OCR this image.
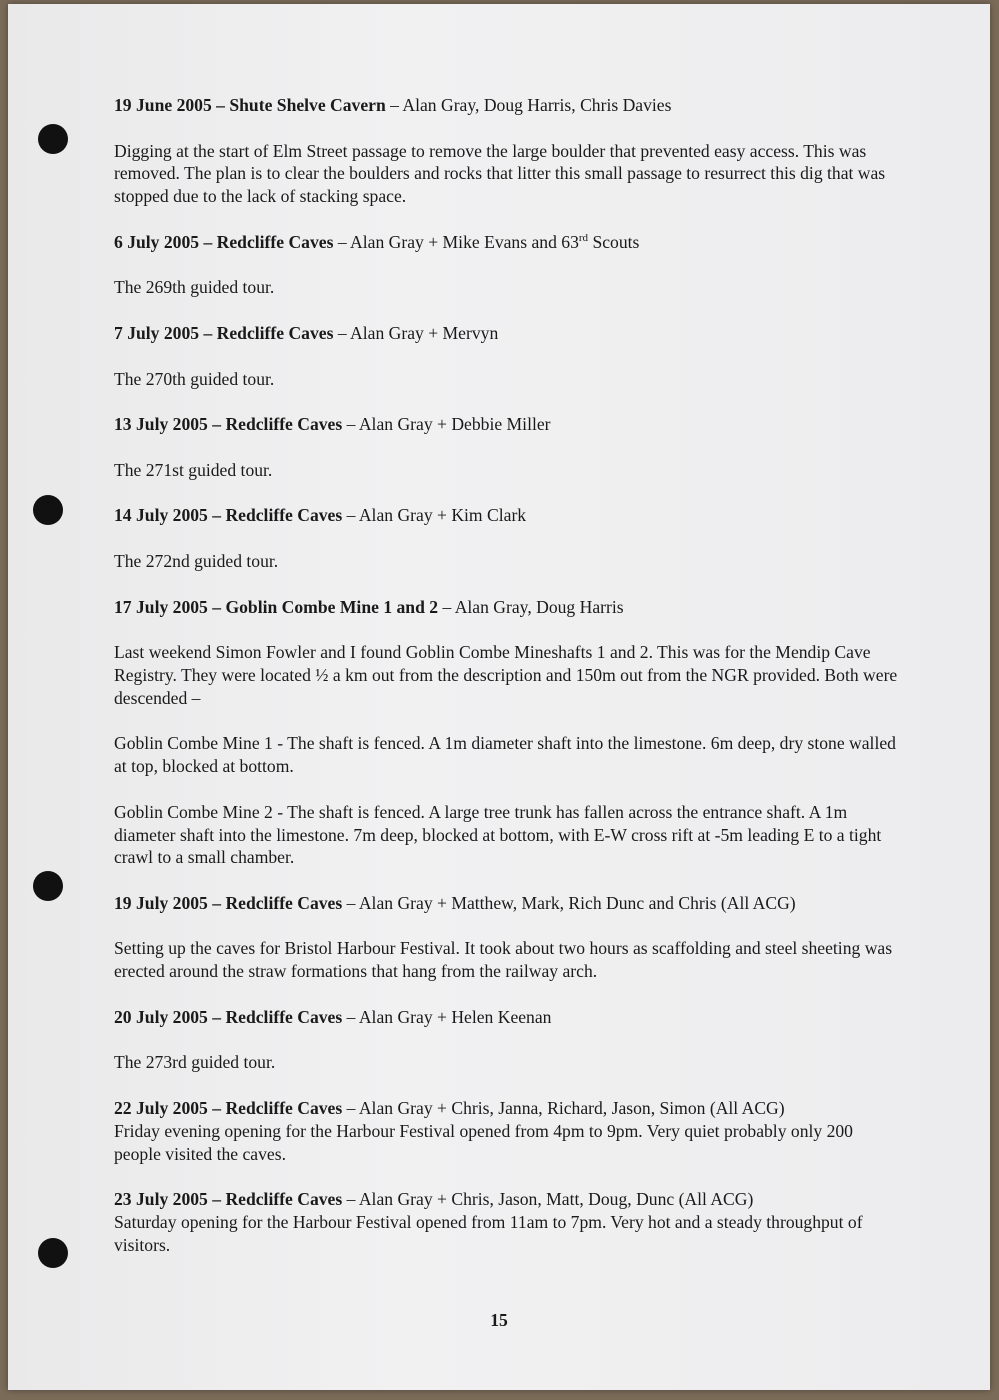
19 June 2005 – Shute Shelve Cavern – Alan Gray, Doug Harris, Chris Davies

Digging at the start of Elm Street passage to remove the large boulder that prevented easy access. This was removed. The plan is to clear the boulders and rocks that litter this small passage to resurrect this dig that was stopped due to the lack of stacking space.

6 July 2005 – Redcliffe Caves – Alan Gray + Mike Evans and 63rd Scouts

The 269th guided tour.

7 July 2005 – Redcliffe Caves – Alan Gray + Mervyn

The 270th guided tour.

13 July 2005 – Redcliffe Caves – Alan Gray + Debbie Miller

The 271st guided tour.

14 July 2005 – Redcliffe Caves – Alan Gray + Kim Clark

The 272nd guided tour.

17 July 2005 – Goblin Combe Mine 1 and 2 – Alan Gray, Doug Harris

Last weekend Simon Fowler and I found Goblin Combe Mineshafts 1 and 2. This was for the Mendip Cave Registry. They were located ½ a km out from the description and 150m out from the NGR provided. Both were descended –

Goblin Combe Mine 1 - The shaft is fenced. A 1m diameter shaft into the limestone. 6m deep, dry stone walled at top, blocked at bottom.

Goblin Combe Mine 2 - The shaft is fenced. A large tree trunk has fallen across the entrance shaft. A 1m diameter shaft into the limestone. 7m deep, blocked at bottom, with E-W cross rift at -5m leading E to a tight crawl to a small chamber.

19 July 2005 – Redcliffe Caves – Alan Gray + Matthew, Mark, Rich Dunc and Chris (All ACG)

Setting up the caves for Bristol Harbour Festival. It took about two hours as scaffolding and steel sheeting was erected around the straw formations that hang from the railway arch.

20 July 2005 – Redcliffe Caves – Alan Gray + Helen Keenan

The 273rd guided tour.

22 July 2005 – Redcliffe Caves – Alan Gray + Chris, Janna, Richard, Jason, Simon (All ACG)

Friday evening opening for the Harbour Festival opened from 4pm to 9pm. Very quiet probably only 200 people visited the caves.

23 July 2005 – Redcliffe Caves – Alan Gray + Chris, Jason, Matt, Doug, Dunc (All ACG)

Saturday opening for the Harbour Festival opened from 11am to 7pm. Very hot and a steady throughput of visitors.

15
